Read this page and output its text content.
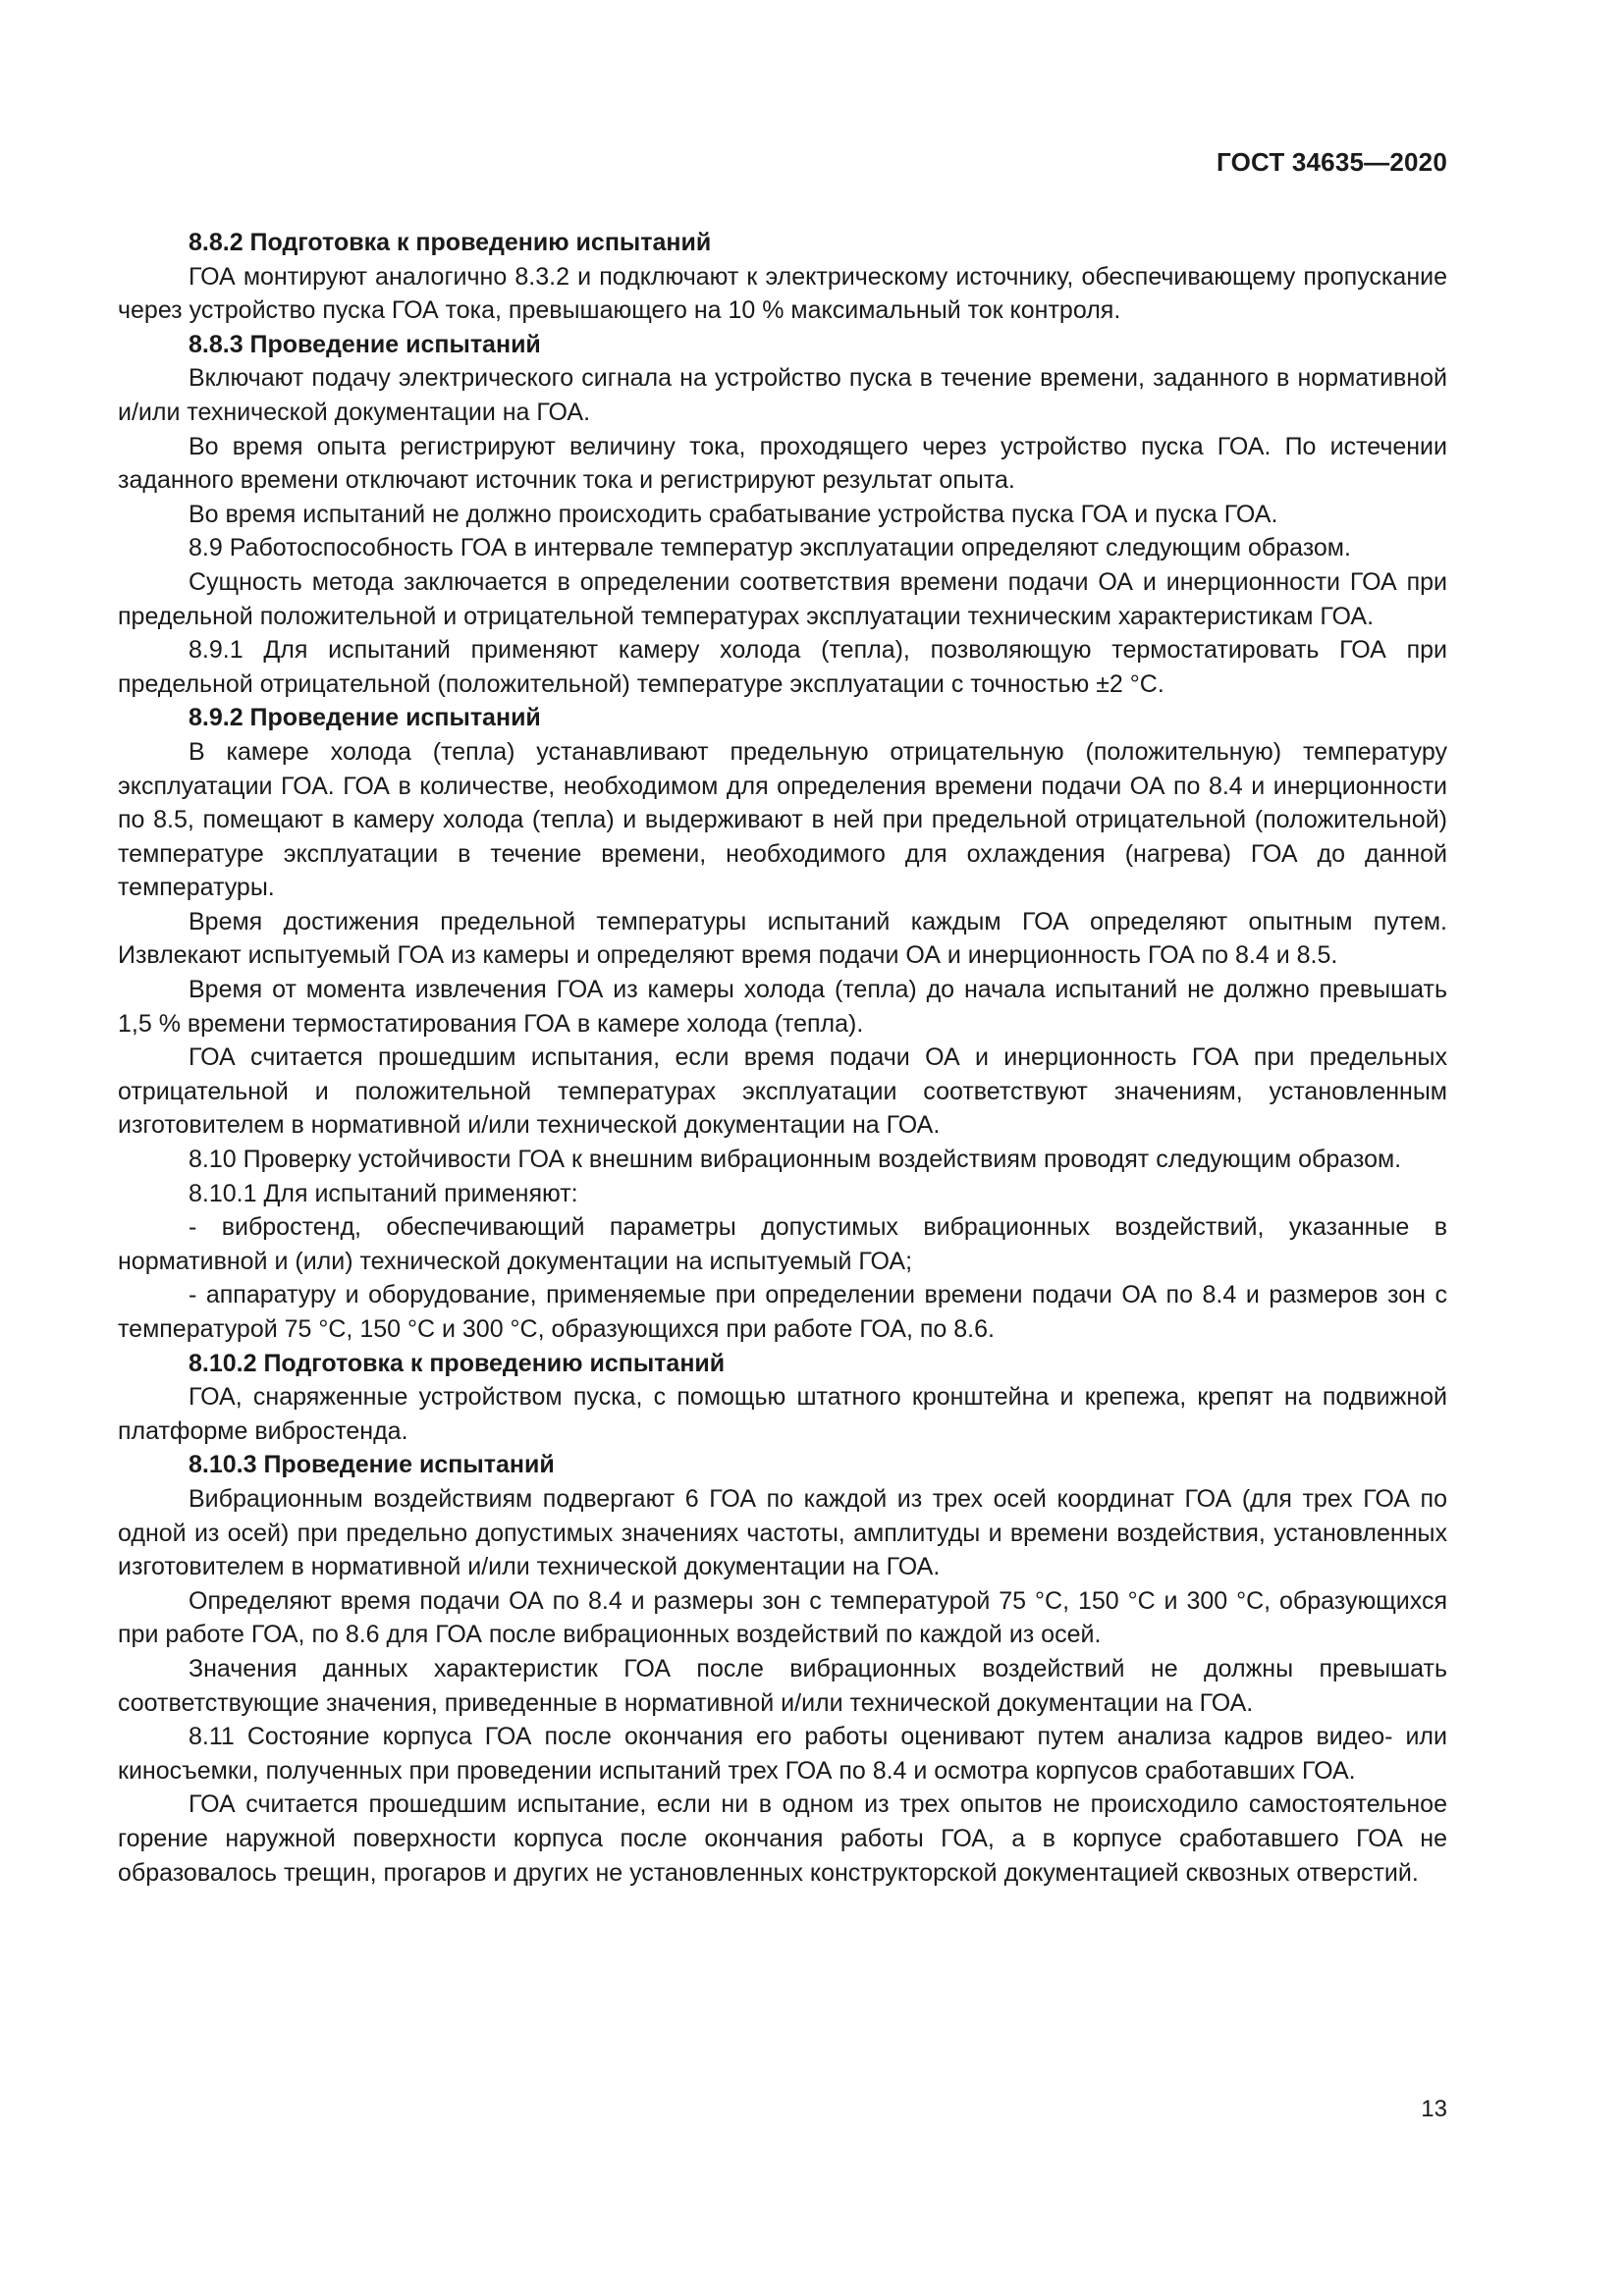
ГОСТ 34635—2020

8.8.2 Подготовка к проведению испытаний

ГОА монтируют аналогично 8.3.2 и подключают к электрическому источнику, обеспечивающему пропускание через устройство пуска ГОА тока, превышающего на 10 % максимальный ток контроля.

8.8.3 Проведение испытаний

Включают подачу электрического сигнала на устройство пуска в течение времени, заданного в нормативной и/или технической документации на ГОА.

Во время опыта регистрируют величину тока, проходящего через устройство пуска ГОА. По истечении заданного времени отключают источник тока и регистрируют результат опыта.

Во время испытаний не должно происходить срабатывание устройства пуска ГОА и пуска ГОА.

8.9 Работоспособность ГОА в интервале температур эксплуатации определяют следующим образом.

Сущность метода заключается в определении соответствия времени подачи ОА и инерционности ГОА при предельной положительной и отрицательной температурах эксплуатации техническим характеристикам ГОА.

8.9.1 Для испытаний применяют камеру холода (тепла), позволяющую термостатировать ГОА при предельной отрицательной (положительной) температуре эксплуатации с точностью ±2 °С.

8.9.2 Проведение испытаний

В камере холода (тепла) устанавливают предельную отрицательную (положительную) температуру эксплуатации ГОА. ГОА в количестве, необходимом для определения времени подачи ОА по 8.4 и инерционности по 8.5, помещают в камеру холода (тепла) и выдерживают в ней при предельной отрицательной (положительной) температуре эксплуатации в течение времени, необходимого для охлаждения (нагрева) ГОА до данной температуры.

Время достижения предельной температуры испытаний каждым ГОА определяют опытным путем. Извлекают испытуемый ГОА из камеры и определяют время подачи ОА и инерционность ГОА по 8.4 и 8.5.

Время от момента извлечения ГОА из камеры холода (тепла) до начала испытаний не должно превышать 1,5 % времени термостатирования ГОА в камере холода (тепла).

ГОА считается прошедшим испытания, если время подачи ОА и инерционность ГОА при предельных отрицательной и положительной температурах эксплуатации соответствуют значениям, установленным изготовителем в нормативной и/или технической документации на ГОА.

8.10 Проверку устойчивости ГОА к внешним вибрационным воздействиям проводят следующим образом.

8.10.1 Для испытаний применяют:

- вибростенд, обеспечивающий параметры допустимых вибрационных воздействий, указанные в нормативной и (или) технической документации на испытуемый ГОА;

- аппаратуру и оборудование, применяемые при определении времени подачи ОА по 8.4 и размеров зон с температурой 75 °С, 150 °С и 300 °С, образующихся при работе ГОА, по 8.6.

8.10.2 Подготовка к проведению испытаний

ГОА, снаряженные устройством пуска, с помощью штатного кронштейна и крепежа, крепят на подвижной платформе вибростенда.

8.10.3 Проведение испытаний

Вибрационным воздействиям подвергают 6 ГОА по каждой из трех осей координат ГОА (для трех ГОА по одной из осей) при предельно допустимых значениях частоты, амплитуды и времени воздействия, установленных изготовителем в нормативной и/или технической документации на ГОА.

Определяют время подачи ОА по 8.4 и размеры зон с температурой 75 °С, 150 °С и 300 °С, образующихся при работе ГОА, по 8.6 для ГОА после вибрационных воздействий по каждой из осей.

Значения данных характеристик ГОА после вибрационных воздействий не должны превышать соответствующие значения, приведенные в нормативной и/или технической документации на ГОА.

8.11 Состояние корпуса ГОА после окончания его работы оценивают путем анализа кадров видео- или киносъемки, полученных при проведении испытаний трех ГОА по 8.4 и осмотра корпусов сработавших ГОА.

ГОА считается прошедшим испытание, если ни в одном из трех опытов не происходило самостоятельное горение наружной поверхности корпуса после окончания работы ГОА, а в корпусе сработавшего ГОА не образовалось трещин, прогаров и других не установленных конструкторской документацией сквозных отверстий.

13
